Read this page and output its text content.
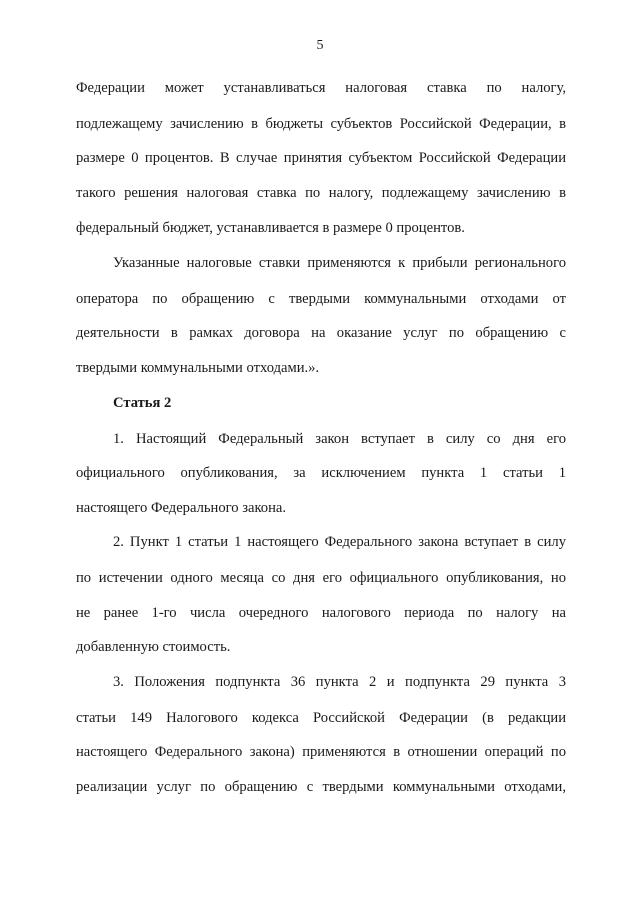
5
Федерации может устанавливаться налоговая ставка по налогу,
подлежащему зачислению в бюджеты субъектов Российской Федерации, в
размере 0 процентов. В случае принятия субъектом Российской Федерации
такого решения налоговая ставка по налогу, подлежащему зачислению в
федеральный бюджет, устанавливается в размере 0 процентов.
Указанные налоговые ставки применяются к прибыли регионального
оператора по обращению с твердыми коммунальными отходами от
деятельности в рамках договора на оказание услуг по обращению с
твердыми коммунальными отходами.».
Статья 2
1. Настоящий Федеральный закон вступает в силу со дня его
официального опубликования, за исключением пункта 1 статьи 1
настоящего Федерального закона.
2. Пункт 1 статьи 1 настоящего Федерального закона вступает в силу
по истечении одного месяца со дня его официального опубликования, но
не ранее 1-го числа очередного налогового периода по налогу на
добавленную стоимость.
3. Положения подпункта 36 пункта 2 и подпункта 29 пункта 3
статьи 149 Налогового кодекса Российской Федерации (в редакции
настоящего Федерального закона) применяются в отношении операций по
реализации услуг по обращению с твердыми коммунальными отходами,
